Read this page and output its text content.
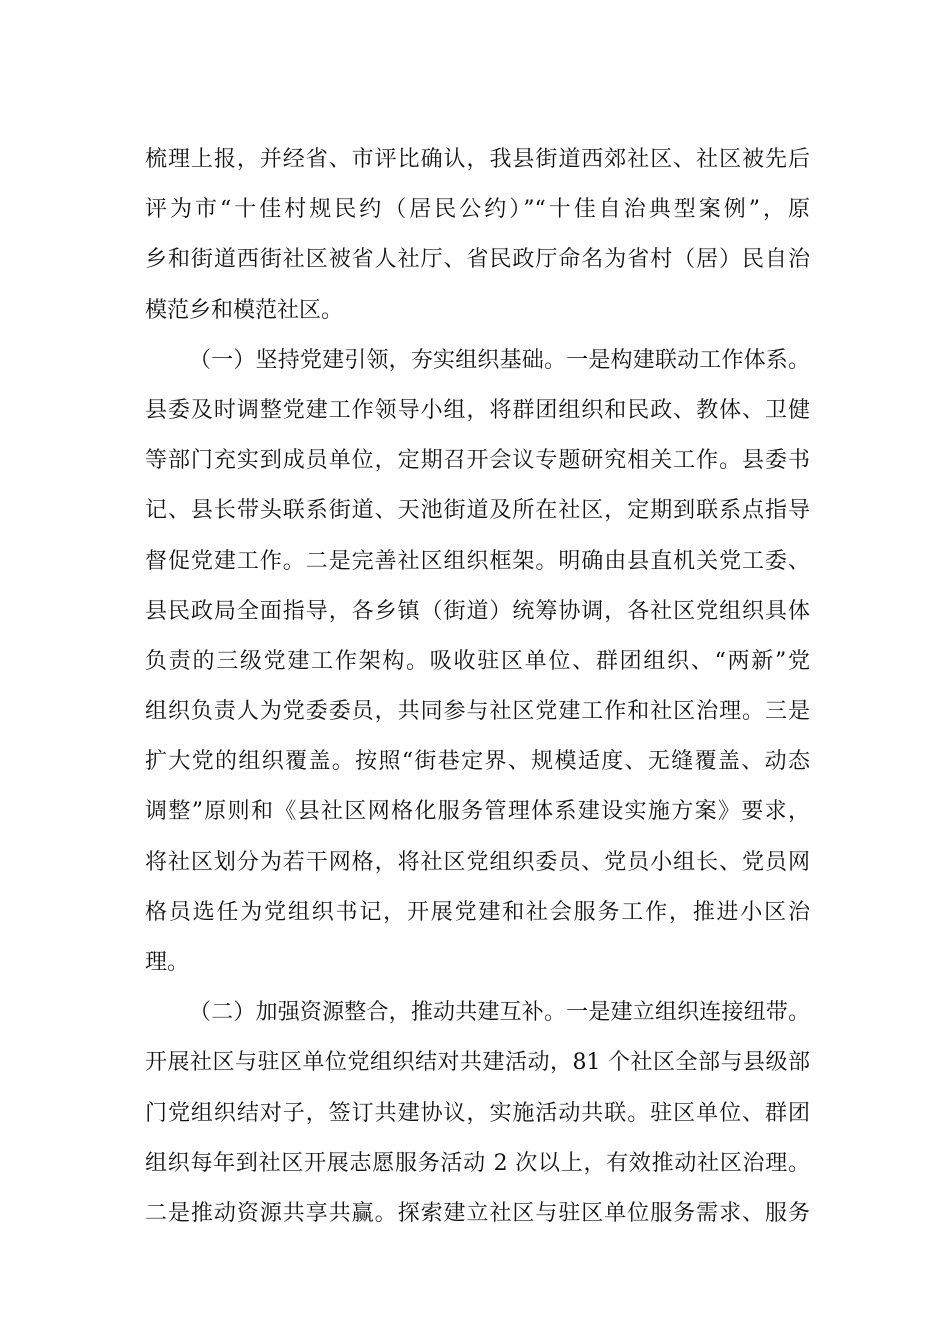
梳理上报，并经省、市评比确认，我县街道西郊社区、社区被先后
评为市“十佳村规民约（居民公约）”“十佳自治典型案例”，原
乡和街道西街社区被省人社厅、省民政厅命名为省村（居）民自治
模范乡和模范社区。
（一）坚持党建引领，夯实组织基础。一是构建联动工作体系。
县委及时调整党建工作领导小组，将群团组织和民政、教体、卫健
等部门充实到成员单位，定期召开会议专题研究相关工作。县委书
记、县长带头联系街道、天池街道及所在社区，定期到联系点指导
督促党建工作。二是完善社区组织框架。明确由县直机关党工委、
县民政局全面指导，各乡镇（街道）统筹协调，各社区党组织具体
负责的三级党建工作架构。吸收驻区单位、群团组织、“两新”党
组织负责人为党委委员，共同参与社区党建工作和社区治理。三是
扩大党的组织覆盖。按照“街巷定界、规模适度、无缝覆盖、动态
调整”原则和《县社区网格化服务管理体系建设实施方案》要求，
将社区划分为若干网格，将社区党组织委员、党员小组长、党员网
格员选任为党组织书记，开展党建和社会服务工作，推进小区治
理。
（二）加强资源整合，推动共建互补。一是建立组织连接纽带。
开展社区与驻区单位党组织结对共建活动，81 个社区全部与县级部
门党组织结对子，签订共建协议，实施活动共联。驻区单位、群团
组织每年到社区开展志愿服务活动 2 次以上，有效推动社区治理。
二是推动资源共享共赢。探索建立社区与驻区单位服务需求、服务
